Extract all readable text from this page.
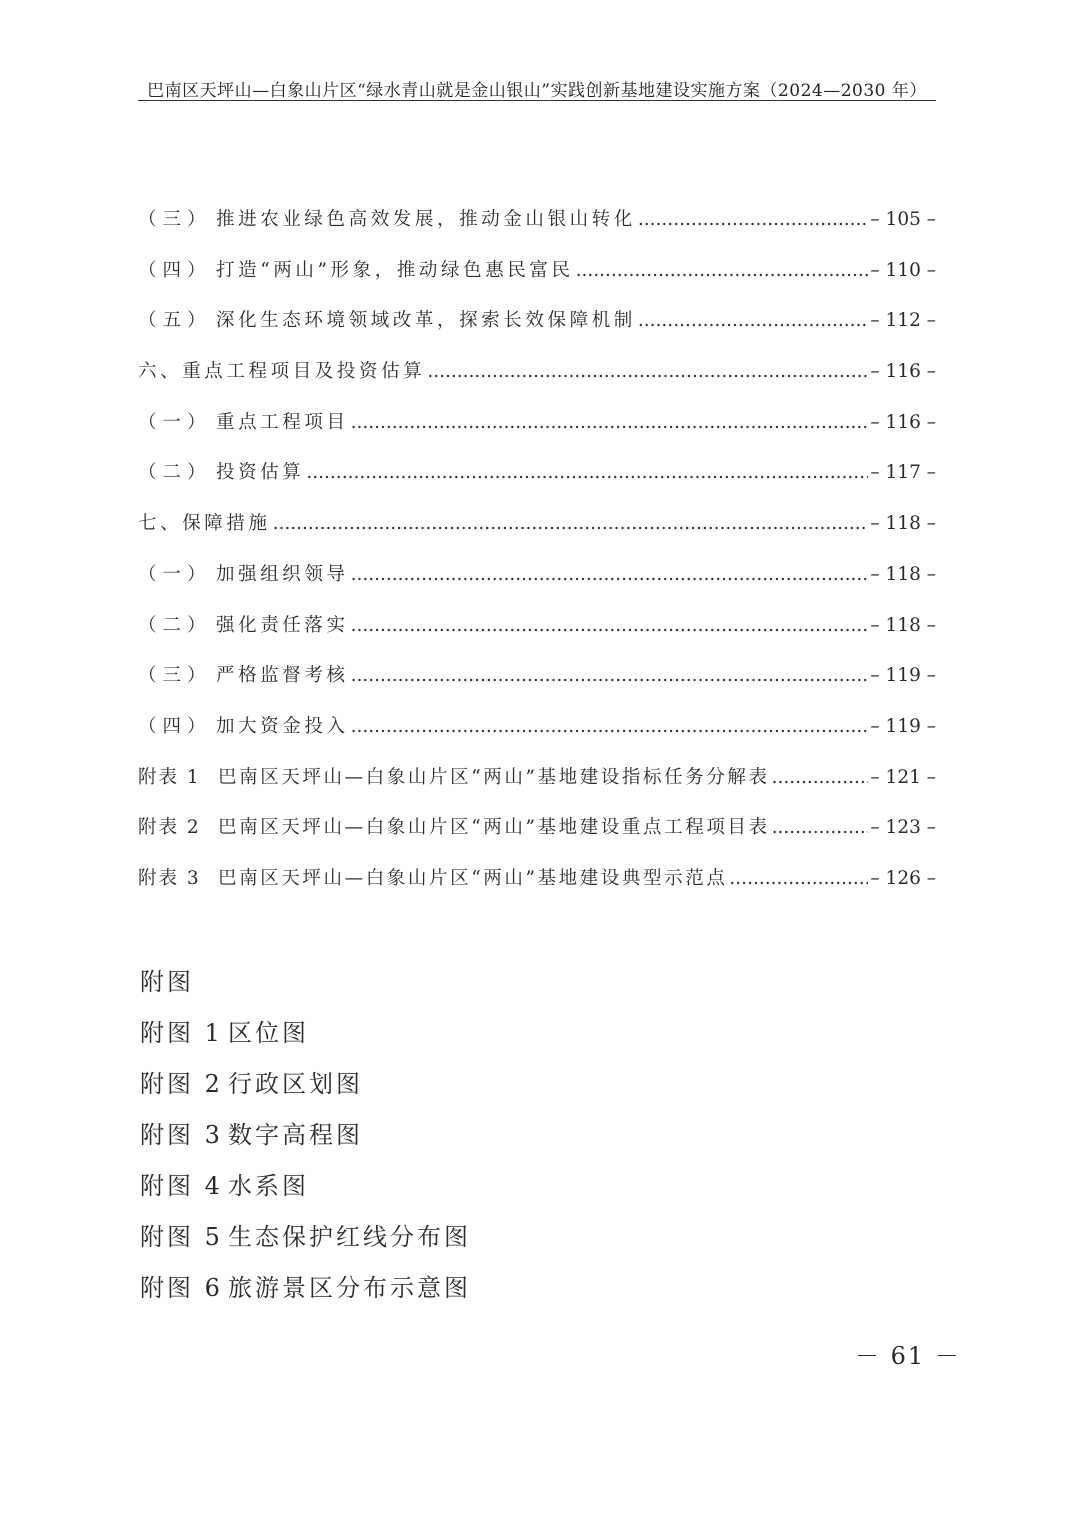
巴南区天坪山—白象山片区“绿水青山就是金山银山”实践创新基地建设实施方案（2024—2030 年）
（三） 推进农业绿色高效发展，推动金山银山转化 .....	– 105 –
（四） 打造“两山”形象，推动绿色惠民富民 .....	– 110 –
（五） 深化生态环境领域改革，探索长效保障机制 .....	– 112 –
六、重点工程项目及投资估算 .....	– 116 –
（一） 重点工程项目 .....	– 116 –
（二） 投资估算 .....	– 117 –
七、保障措施 .....	– 118 –
（一） 加强组织领导 .....	– 118 –
（二） 强化责任落实 .....	– 118 –
（三） 严格监督考核 .....	– 119 –
（四） 加大资金投入 .....	– 119 –
附表 1 巴南区天坪山—白象山片区“两山”基地建设指标任务分解表 .....	– 121 –
附表 2 巴南区天坪山—白象山片区“两山”基地建设重点工程项目表 .....	– 123 –
附表 3 巴南区天坪山—白象山片区“两山”基地建设典型示范点 .....	– 126 –
附图
附图 1 区位图
附图 2 行政区划图
附图 3 数字高程图
附图 4 水系图
附图 5 生态保护红线分布图
附图 6 旅游景区分布示意图
－ 61 －
